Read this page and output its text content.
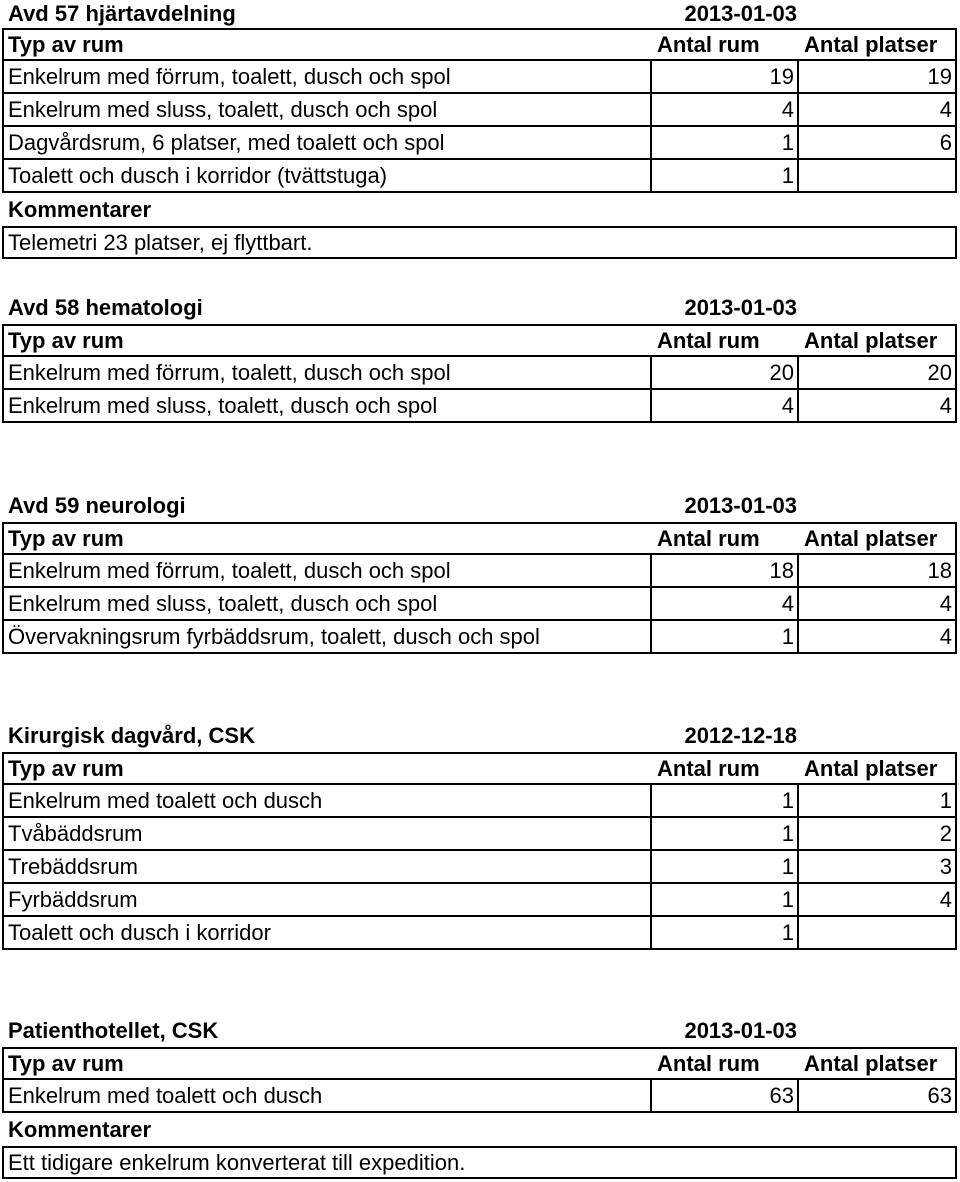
Avd 57 hjärtavdelning	2013-01-03
Typ av rum	Antal rum Antal platser
Enkelrum med förrum, toalett, dusch och spol	19	19
Enkelrum med sluss, toalett, dusch och spol	4	4
Dagvårdsrum, 6 platser, med toalett och spol	1	6
Toalett och dusch i korridor (tvättstuga)	1
Kommentarer
Telemetri 23 platser, ej flyttbart.
Avd 58 hematologi	2013-01-03
Typ av rum	Antal rum Antal platser
Enkelrum med förrum, toalett, dusch och spol	20	20
Enkelrum med sluss, toalett, dusch och spol	4	4
Avd 59 neurologi	2013-01-03
Typ av rum	Antal rum Antal platser
Enkelrum med förrum, toalett, dusch och spol	18	18
Enkelrum med sluss, toalett, dusch och spol	4	4
Övervakningsrum fyrbäddsrum, toalett, dusch och spol	1	4
Kirurgisk dagvård, CSK	2012-12-18
Typ av rum	Antal rum Antal platser
Enkelrum med toalett och dusch	1	1
Tvåbäddsrum	1	2
Trebäddsrum	1	3
Fyrbäddsrum	1	4
Toalett och dusch i korridor	1
Patienthotellet, CSK	2013-01-03
Typ av rum	Antal rum Antal platser
Enkelrum med toalett och dusch	63	63
Kommentarer
Ett tidigare enkelrum konverterat till expedition.
